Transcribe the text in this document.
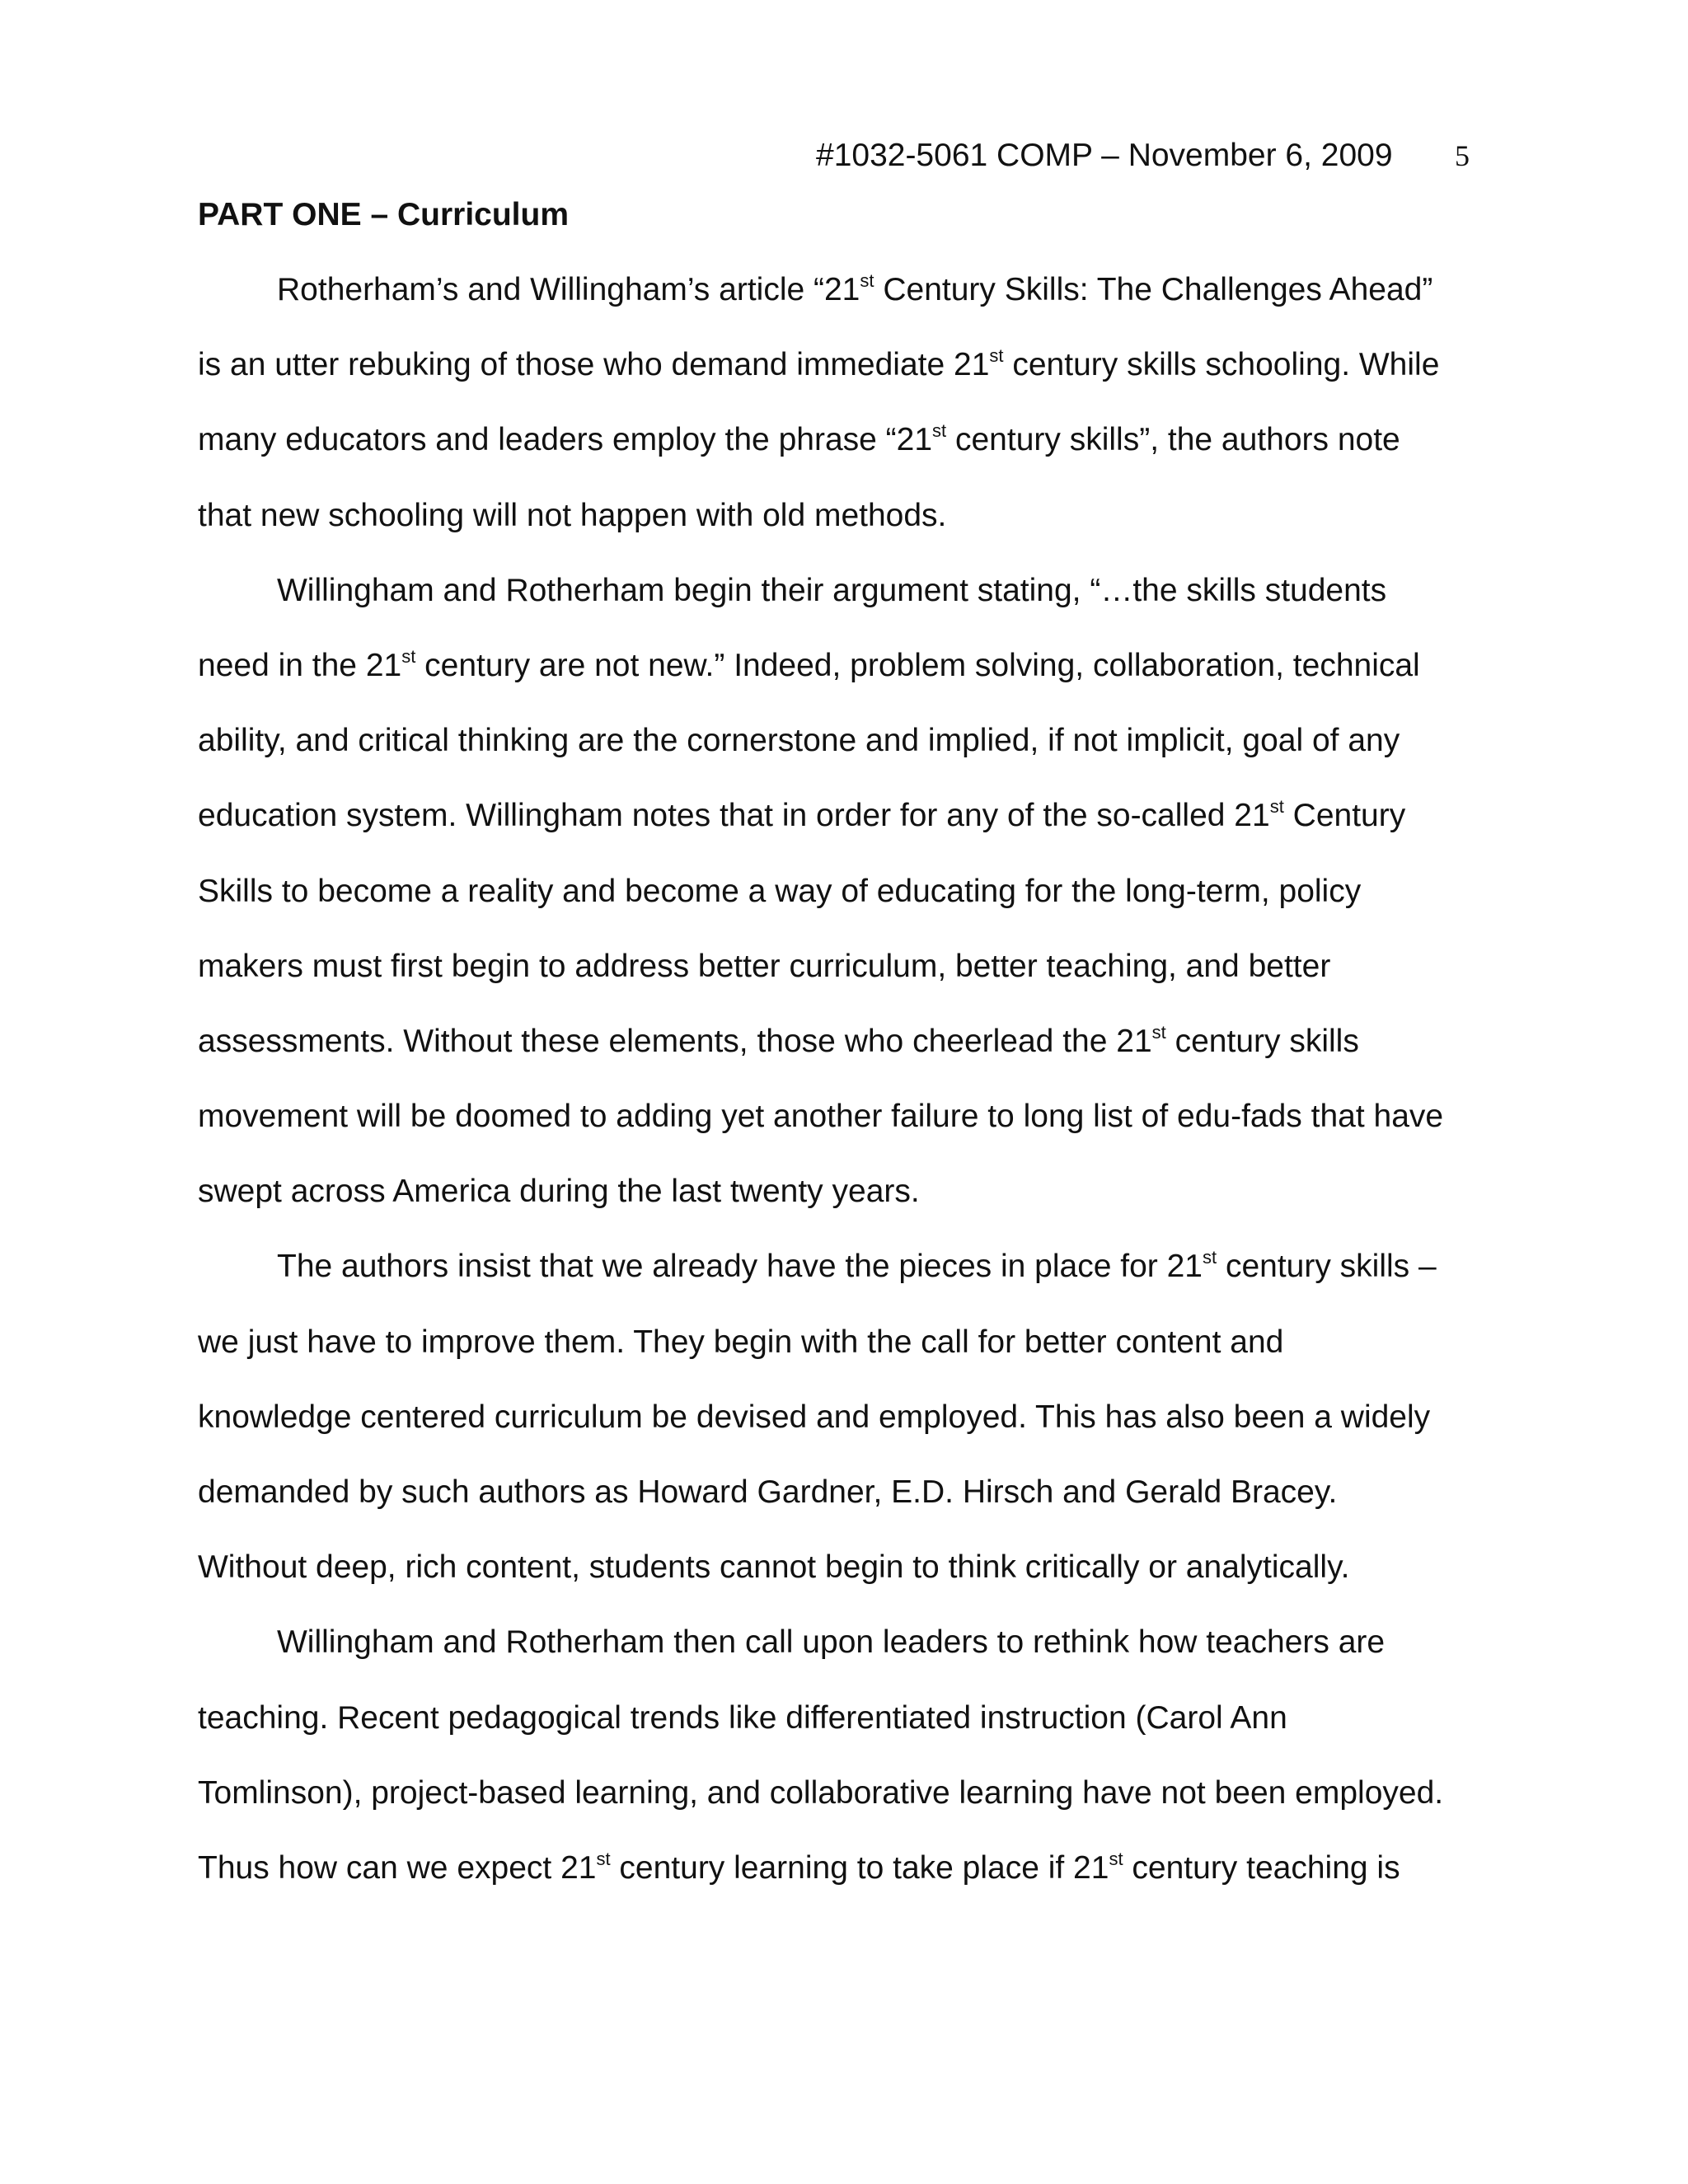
#1032-5061 COMP – November 6, 2009 5
PART ONE – Curriculum
Rotherham’s and Willingham’s article “21st Century Skills: The Challenges Ahead”
is an utter rebuking of those who demand immediate 21st century skills schooling. While
many educators and leaders employ the phrase “21st century skills”, the authors note
that new schooling will not happen with old methods.
Willingham and Rotherham begin their argument stating, “…the skills students
need in the 21st century are not new.” Indeed, problem solving, collaboration, technical
ability, and critical thinking are the cornerstone and implied, if not implicit, goal of any
education system. Willingham notes that in order for any of the so-called 21st Century
Skills to become a reality and become a way of educating for the long-term, policy
makers must first begin to address better curriculum, better teaching, and better
assessments. Without these elements, those who cheerlead the 21st century skills
movement will be doomed to adding yet another failure to long list of edu-fads that have
swept across America during the last twenty years.
The authors insist that we already have the pieces in place for 21st century skills –
we just have to improve them. They begin with the call for better content and
knowledge centered curriculum be devised and employed. This has also been a widely
demanded by such authors as Howard Gardner, E.D. Hirsch and Gerald Bracey.
Without deep, rich content, students cannot begin to think critically or analytically.
Willingham and Rotherham then call upon leaders to rethink how teachers are
teaching. Recent pedagogical trends like differentiated instruction (Carol Ann
Tomlinson), project-based learning, and collaborative learning have not been employed.
Thus how can we expect 21st century learning to take place if 21st century teaching is
